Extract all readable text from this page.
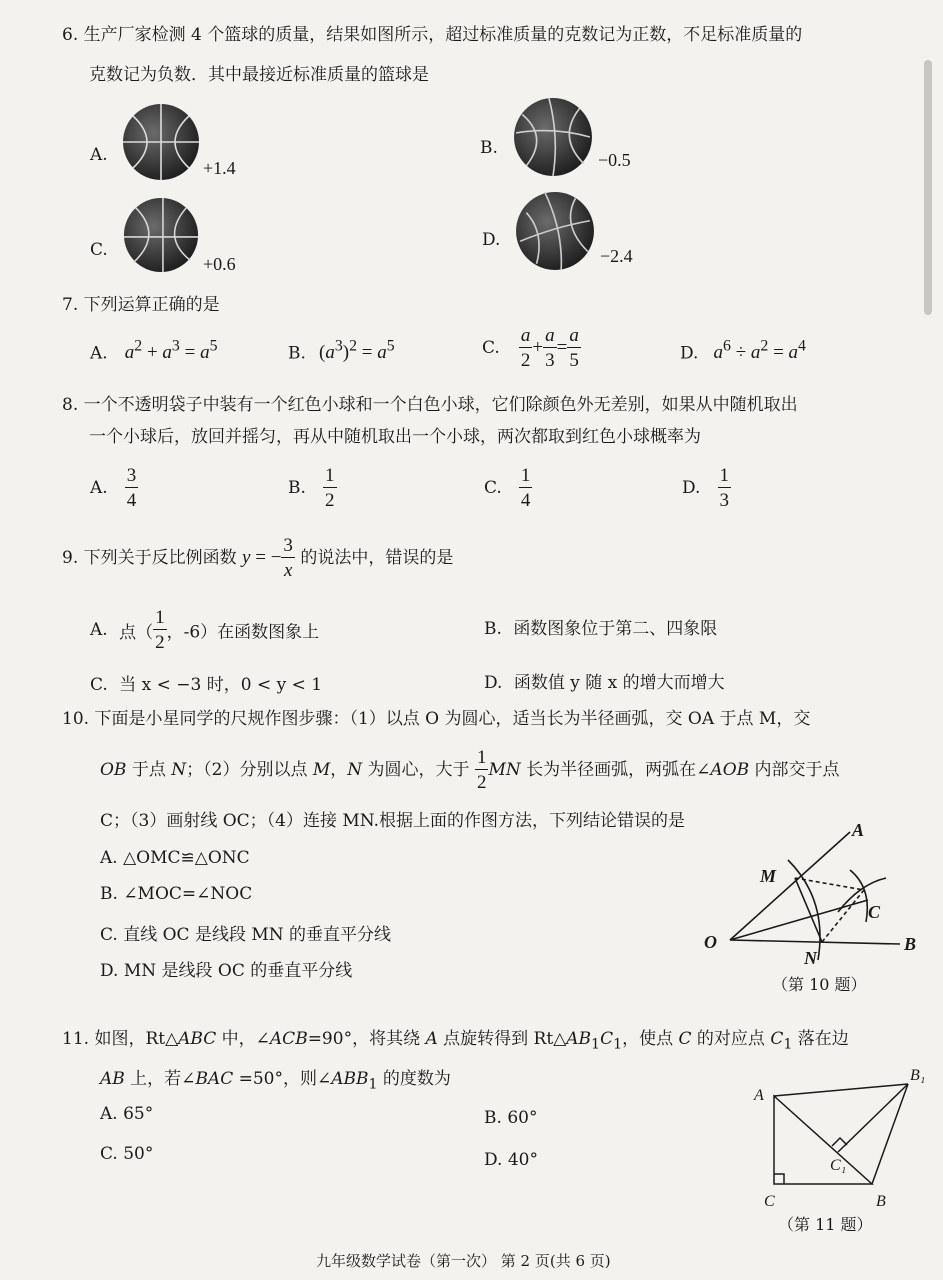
6. 生产厂家检测 4 个篮球的质量，结果如图所示，超过标准质量的克数记为正数，不足标准质量的
克数记为负数．其中最接近标准质量的篮球是
A.
+1.4
B.
−0.5
C.
+0.6
D.
−2.4
7. 下列运算正确的是
A. $a^2 + a^3 = a^5$	B. $(a^3)^2 = a^5$	C. $\frac{a}{2} + \frac{a}{3} = \frac{a}{5}$	D. $a^6 \div a^2 = a^4$
8. 一个不透明袋子中装有一个红色小球和一个白色小球，它们除颜色外无差别，如果从中随机取出
一个小球后，放回并摇匀，再从中随机取出一个小球，两次都取到红色小球概率为
A. $\frac{3}{4}$	B. $\frac{1}{2}$	C. $\frac{1}{4}$	D. $\frac{1}{3}$
9. 下列关于反比例函数 y = − $\frac{3}{x}$ 的说法中，错误的是
A. 点（ $\frac{1}{2}$ ，-6）在函数图象上	B. 函数图象位于第二、四象限
C. 当 x < −3 时，0 < y < 1	D. 函数值 y 随 x 的增大而增大
10. 下面是小星同学的尺规作图步骤：（1）以点 O 为圆心，适当长为半径画弧，交 OA 于点 M，交
OB 于点 N；（2）分别以点 M，N 为圆心，大于 $\frac{1}{2}$ MN 长为半径画弧，两弧在∠AOB 内部交于点
C；（3）画射线 OC；（4）连接 MN.根据上面的作图方法，下列结论错误的是
A. △OMC≌△ONC
B. ∠MOC=∠NOC
C. 直线 OC 是线段 MN 的垂直平分线
D. MN 是线段 OC 的垂直平分线
A
M
C
O
N
B
（第 10 题）
11. 如图，Rt△ABC 中，∠ACB=90°，将其绕 A 点旋转得到 $Rt\triangle AB_1C_1$，使点 C 的对应点 $C_1$ 落在边
AB 上，若∠BAC =50°，则$\angle ABB_1$ 的度数为
A. 65°	B. 60°
C. 50°	D. 40°
A
B₁
C₁
C	B
（第 11 题）
九年级数学试卷（第一次） 第 2 页(共 6 页)
